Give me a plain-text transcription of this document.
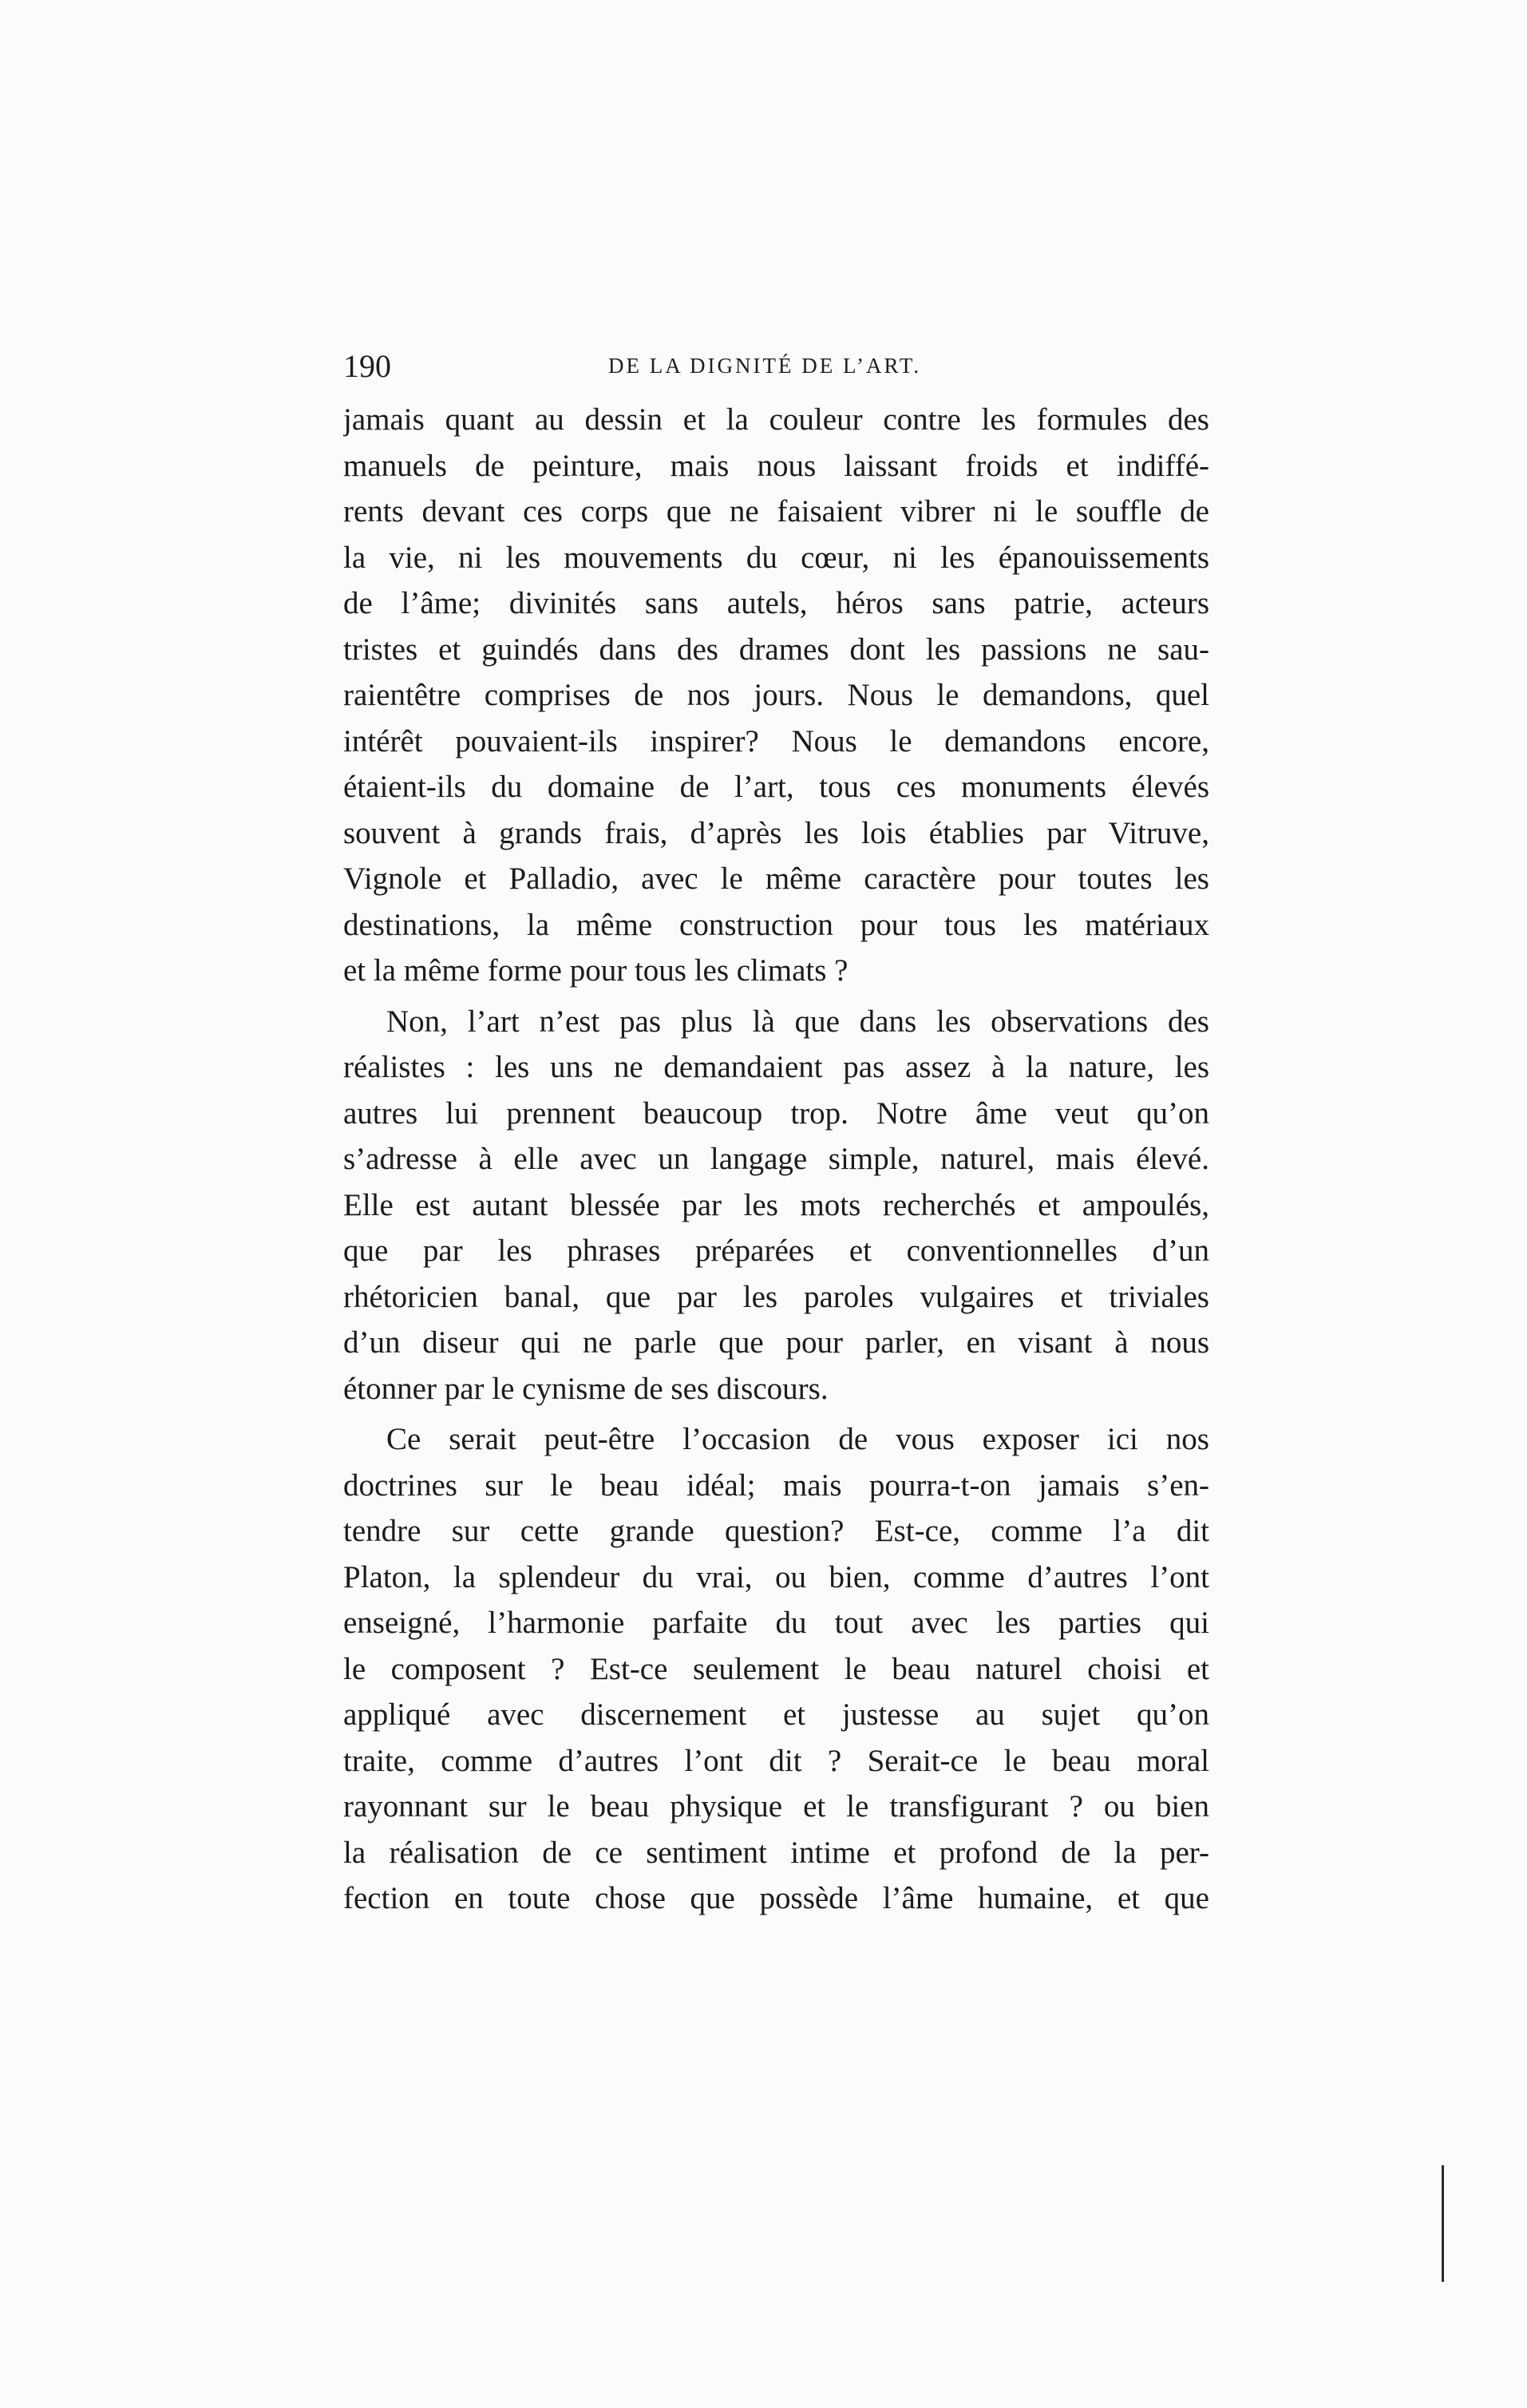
190	DE LA DIGNITÉ DE L’ART.
jamais quant au dessin et la couleur contre les formules des
manuels de peinture, mais nous laissant froids et indiffé-
rents devant ces corps que ne faisaient vibrer ni le souffle de
la vie, ni les mouvements du cœur, ni les épanouissements
de l’âme; divinités sans autels, héros sans patrie, acteurs
tristes et guindés dans des drames dont les passions ne sau-
raientêtre comprises de nos jours. Nous le demandons, quel
intérêt pouvaient-ils inspirer? Nous le demandons encore,
étaient-ils du domaine de l’art, tous ces monuments élevés
souvent à grands frais, d’après les lois établies par Vitruve,
Vignole et Palladio, avec le même caractère pour toutes les
destinations, la même construction pour tous les matériaux
et la même forme pour tous les climats ?
Non, l’art n’est pas plus là que dans les observations des
réalistes : les uns ne demandaient pas assez à la nature, les
autres lui prennent beaucoup trop. Notre âme veut qu’on
s’adresse à elle avec un langage simple, naturel, mais élevé.
Elle est autant blessée par les mots recherchés et ampoulés,
que par les phrases préparées et conventionnelles d’un
rhétoricien banal, que par les paroles vulgaires et triviales
d’un diseur qui ne parle que pour parler, en visant à nous
étonner par le cynisme de ses discours.
Ce serait peut-être l’occasion de vous exposer ici nos
doctrines sur le beau idéal; mais pourra-t-on jamais s’en-
tendre sur cette grande question? Est-ce, comme l’a dit
Platon, la splendeur du vrai, ou bien, comme d’autres l’ont
enseigné, l’harmonie parfaite du tout avec les parties qui
le composent ? Est-ce seulement le beau naturel choisi et
appliqué avec discernement et justesse au sujet qu’on
traite, comme d’autres l’ont dit ? Serait-ce le beau moral
rayonnant sur le beau physique et le transfigurant ? ou bien
la réalisation de ce sentiment intime et profond de la per-
fection en toute chose que possède l’âme humaine, et que
